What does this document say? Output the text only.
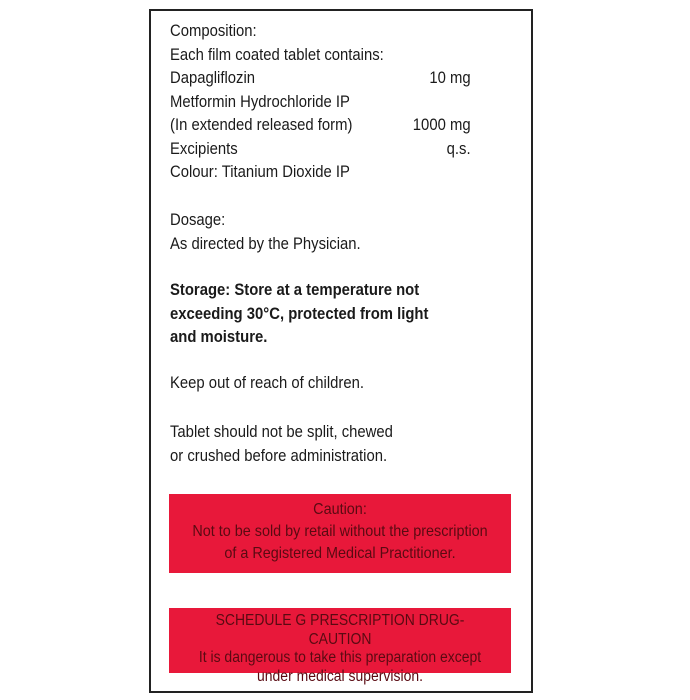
Composition:
Each film coated tablet contains:
Dapagliflozin	10 mg
Metformin Hydrochloride IP
(In extended released form)	1000 mg
Excipients	q.s.
Colour: Titanium Dioxide IP
Dosage:
As directed by the Physician.
Storage: Store at a temperature not
exceeding 30°C, protected from light
and moisture.
Keep out of reach of children.
Tablet should not be split, chewed
or crushed before administration.
Caution:
Not to be sold by retail without the prescription
of a Registered Medical Practitioner.
SCHEDULE G PRESCRIPTION DRUG-CAUTION
It is dangerous to take this preparation except
under medical supervision.
